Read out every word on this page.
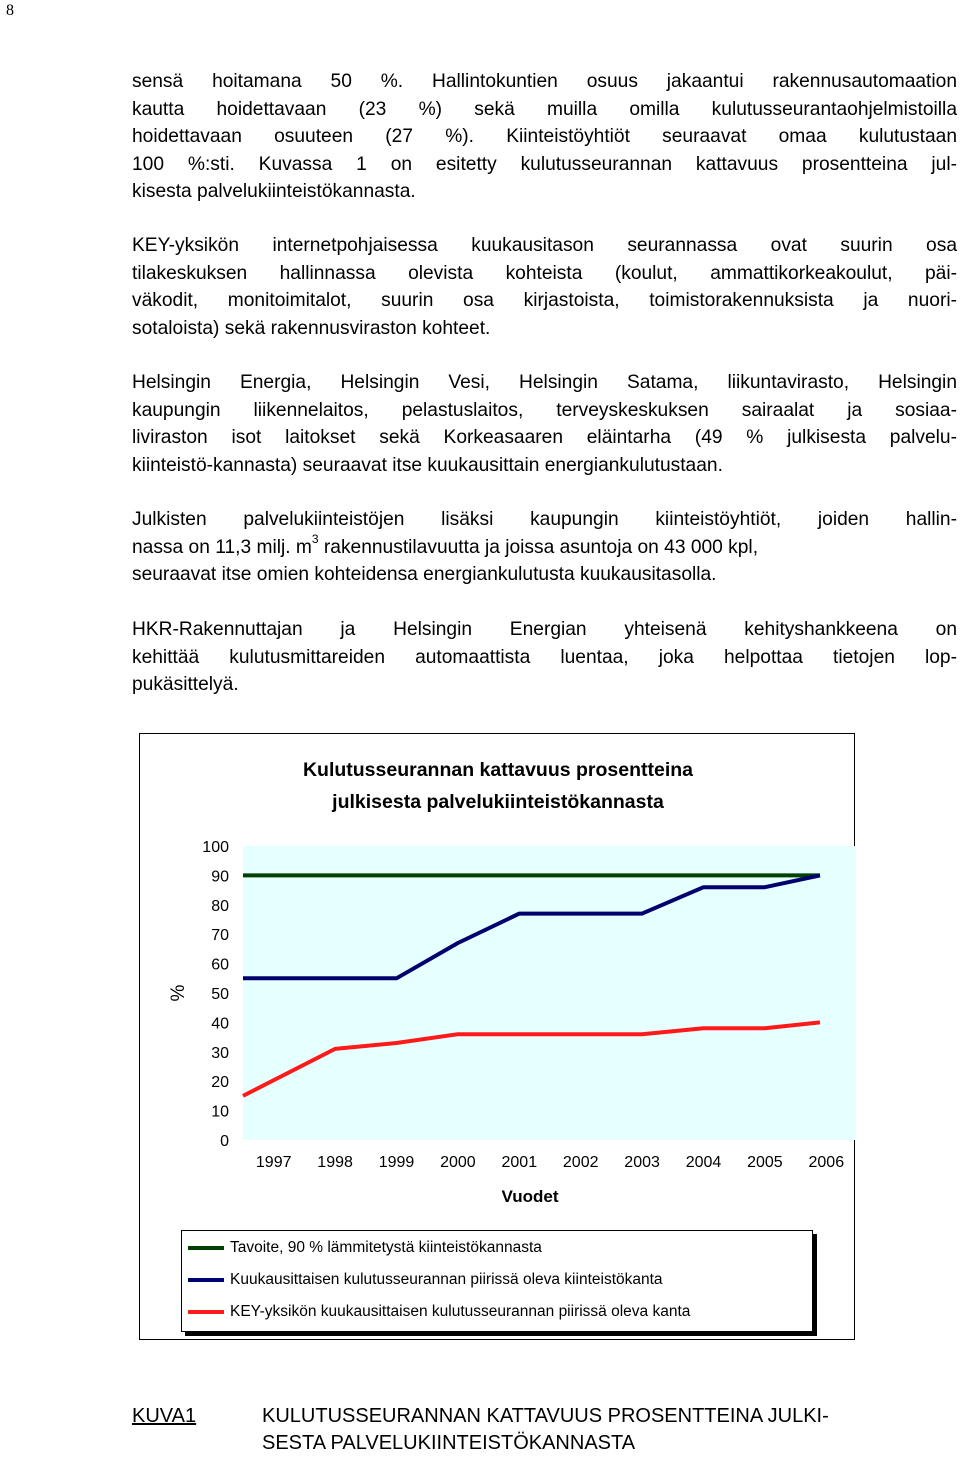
8
sensä hoitamana 50 %. Hallintokuntien osuus jakaantui rakennusautomaation
kautta hoidettavaan (23 %) sekä muilla omilla kulutusseurantaohjelmistoilla
hoidettavaan osuuteen (27 %). Kiinteistöyhtiöt seuraavat omaa kulutustaan
100 %:sti. Kuvassa 1 on esitetty kulutusseurannan kattavuus prosentteina jul-
kisesta palvelukiinteistökannasta.
KEY-yksikön internetpohjaisessa kuukausitason seurannassa ovat suurin osa
tilakeskuksen hallinnassa olevista kohteista (koulut, ammattikorkeakoulut, päi-
väkodit, monitoimitalot, suurin osa kirjastoista, toimistorakennuksista ja nuori-
sotaloista) sekä rakennusviraston kohteet.
Helsingin Energia, Helsingin Vesi, Helsingin Satama, liikuntavirasto, Helsingin
kaupungin liikennelaitos, pelastuslaitos, terveyskeskuksen sairaalat ja sosiaa-
liviraston isot laitokset sekä Korkeasaaren eläintarha (49 % julkisesta palvelu-
kiinteistö-kannasta) seuraavat itse kuukausittain energiankulutustaan.
Julkisten palvelukiinteistöjen lisäksi kaupungin kiinteistöyhtiöt, joiden hallin-
nassa on 11,3 milj. $m^3$ rakennustilavuutta ja joissa asuntoja on 43 000 kpl,
seuraavat itse omien kohteidensa energiankulutusta kuukausitasolla.
HKR-Rakennuttajan ja Helsingin Energian yhteisenä kehityshankkeena on
kehittää kulutusmittareiden automaattista luentaa, joka helpottaa tietojen lop-
pukäsittelyä.
Kulutusseurannan kattavuus prosentteina
julkisesta palvelukiinteistökannasta
100
90
80
70
60
50
40
30
20
10
0
1997 1998 1999 2000 2001 2002 2003 2004 2005 2006
%
Vuodet
Tavoite, 90 % lämmitetystä kiinteistökannasta
Kuukausittaisen kulutusseurannan piirissä oleva kiinteistökanta
KEY-yksikön kuukausittaisen kulutusseurannan piirissä oleva kanta
KUVA1	KULUTUSSEURANNAN KATTAVUUS PROSENTTEINA JULKI-
SESTA PALVELUKIINTEISTÖKANNASTA
